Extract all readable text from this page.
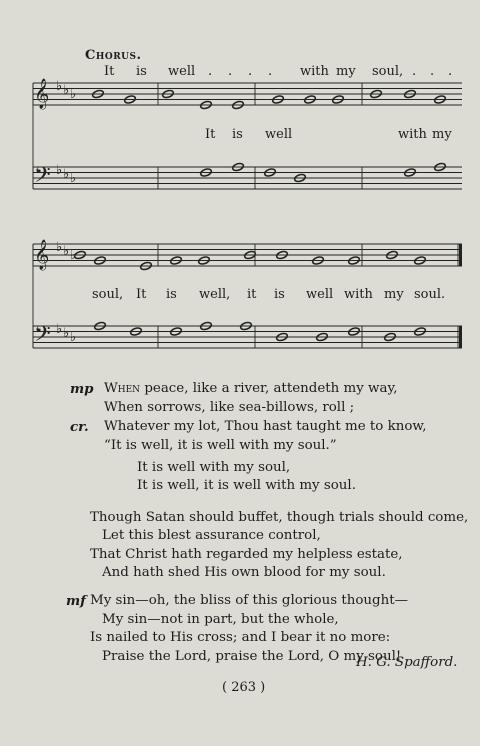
Chorus.
It is well . . . . with my soul, . . .
It is well	with my
soul, It is well, it is well with my soul.
𝄞 ♭ ♭ ♭
𝄢 ♭ ♭ ♭
𝄞 ♭ ♭ ♭
𝄢 ♭ ♭ ♭
mp When peace, like a river, attendeth my way,
When sorrows, like sea-billows, roll ;
cr. Whatever my lot, Thou hast taught me to know,
“It is well, it is well with my soul.”
It is well with my soul,
It is well, it is well with my soul.
Though Satan should buffet, though trials should come,
Let this blest assurance control,
That Christ hath regarded my helpless estate,
And hath shed His own blood for my soul.
mf My sin—oh, the bliss of this glorious thought—
My sin—not in part, but the whole,
Is nailed to His cross; and I bear it no more:
Praise the Lord, praise the Lord, O my soul!
H. G. Spafford.
( 263 )
